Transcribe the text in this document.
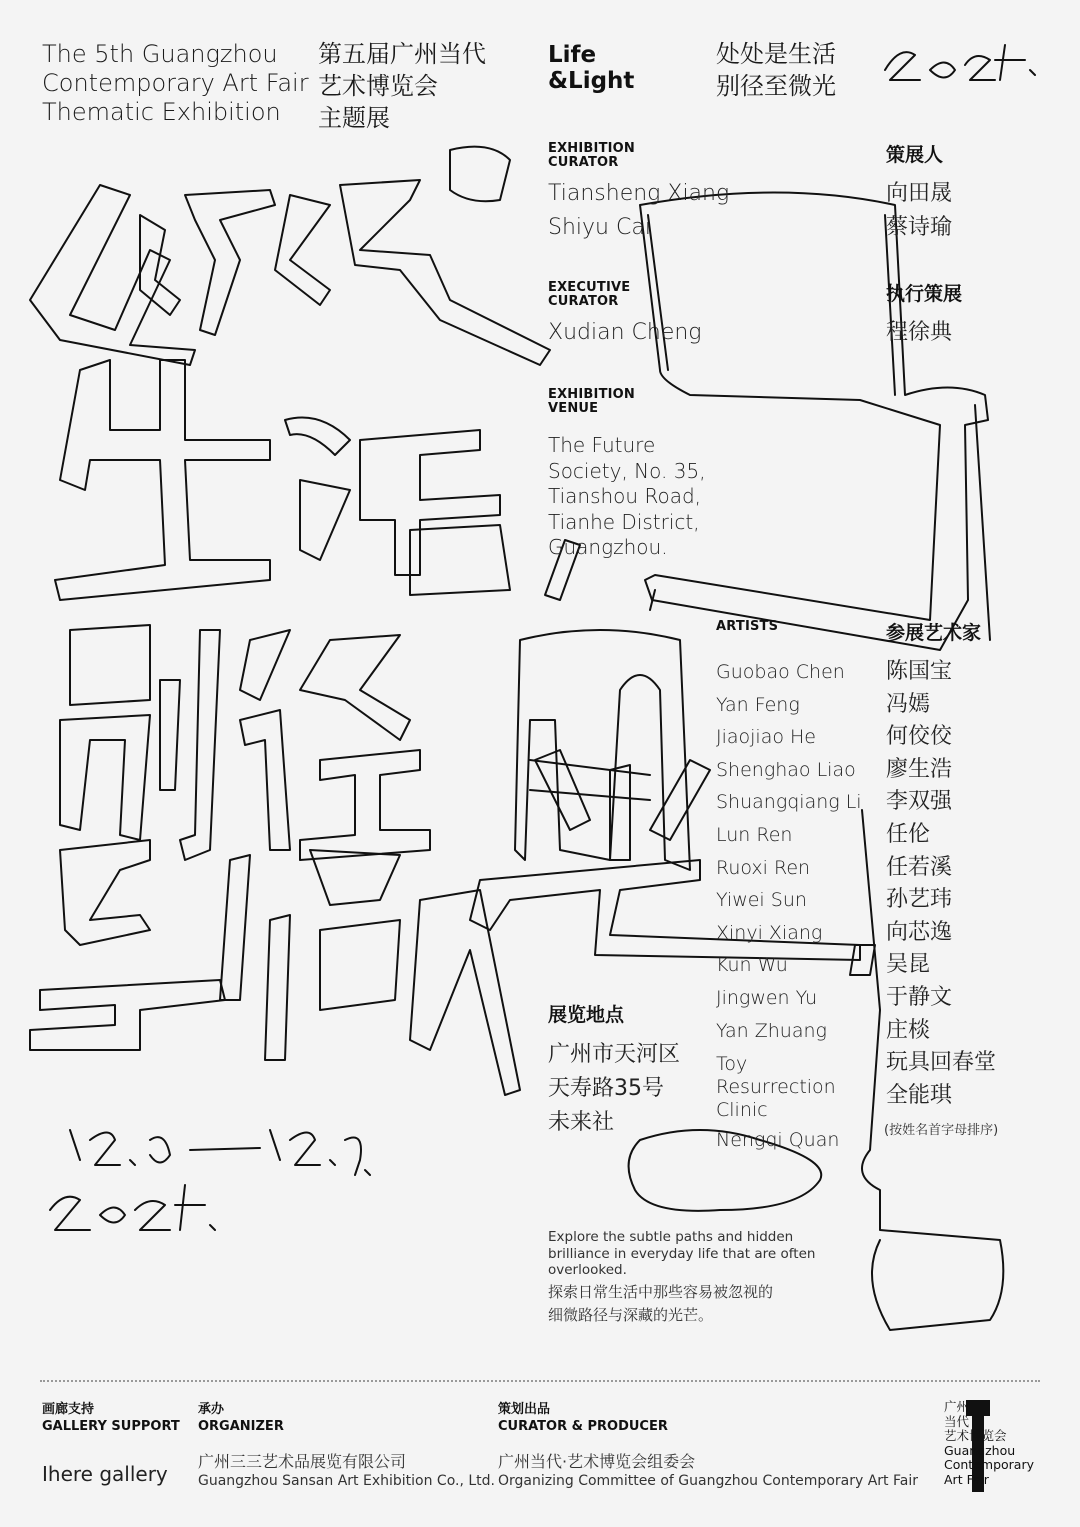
The 5th Guangzhou
Contemporary Art Fair
Thematic Exhibition
第五届广州当代
艺术博览会
主题展
Life
&Light
处处是生活
别径至微光
EXHIBITION
CURATOR
Tiansheng Xiang
Shiyu Cai
策展人
向田晟
蔡诗瑜
EXECUTIVE
CURATOR
Xudian Cheng
执行策展
程徐典
EXHIBITION
VENUE
The Future
Society, No. 35,
Tianshou Road,
Tianhe District,
Guangzhou.
展览地点
广州市天河区
天寿路35号
未来社
ARTISTS	参展艺术家
Guobao Chen
Yan Feng
Jiaojiao He
Shenghao Liao
Shuangqiang Li
Lun Ren
Ruoxi Ren
Yiwei Sun
Xinyi Xiang
Kun Wu
Jingwen Yu
Yan Zhuang
Toy
Resurrection
Clinic
Nengqi Quan
陈国宝
冯嫣
何佼佼
廖生浩
李双强
任伦
任若溪
孙艺玮
向芯逸
吴昆
于静文
庄棪
玩具回春堂
全能琪
(按姓名首字母排序)
Explore the subtle paths and hidden
brilliance in everyday life that are often
overlooked.
探索日常生活中那些容易被忽视的
细微路径与深藏的光芒。
画廊支持
GALLERY SUPPORT
Ihere gallery
承办
ORGANIZER
广州三三艺术品展览有限公司
Guangzhou Sansan Art Exhibition Co., Ltd.
策划出品
CURATOR & PRODUCER
广州当代·艺术博览会组委会
Organizing Committee of Guangzhou Contemporary Art Fair
广州
当代
艺术博览会
Guangzhou
Contemporary
Art Fair
